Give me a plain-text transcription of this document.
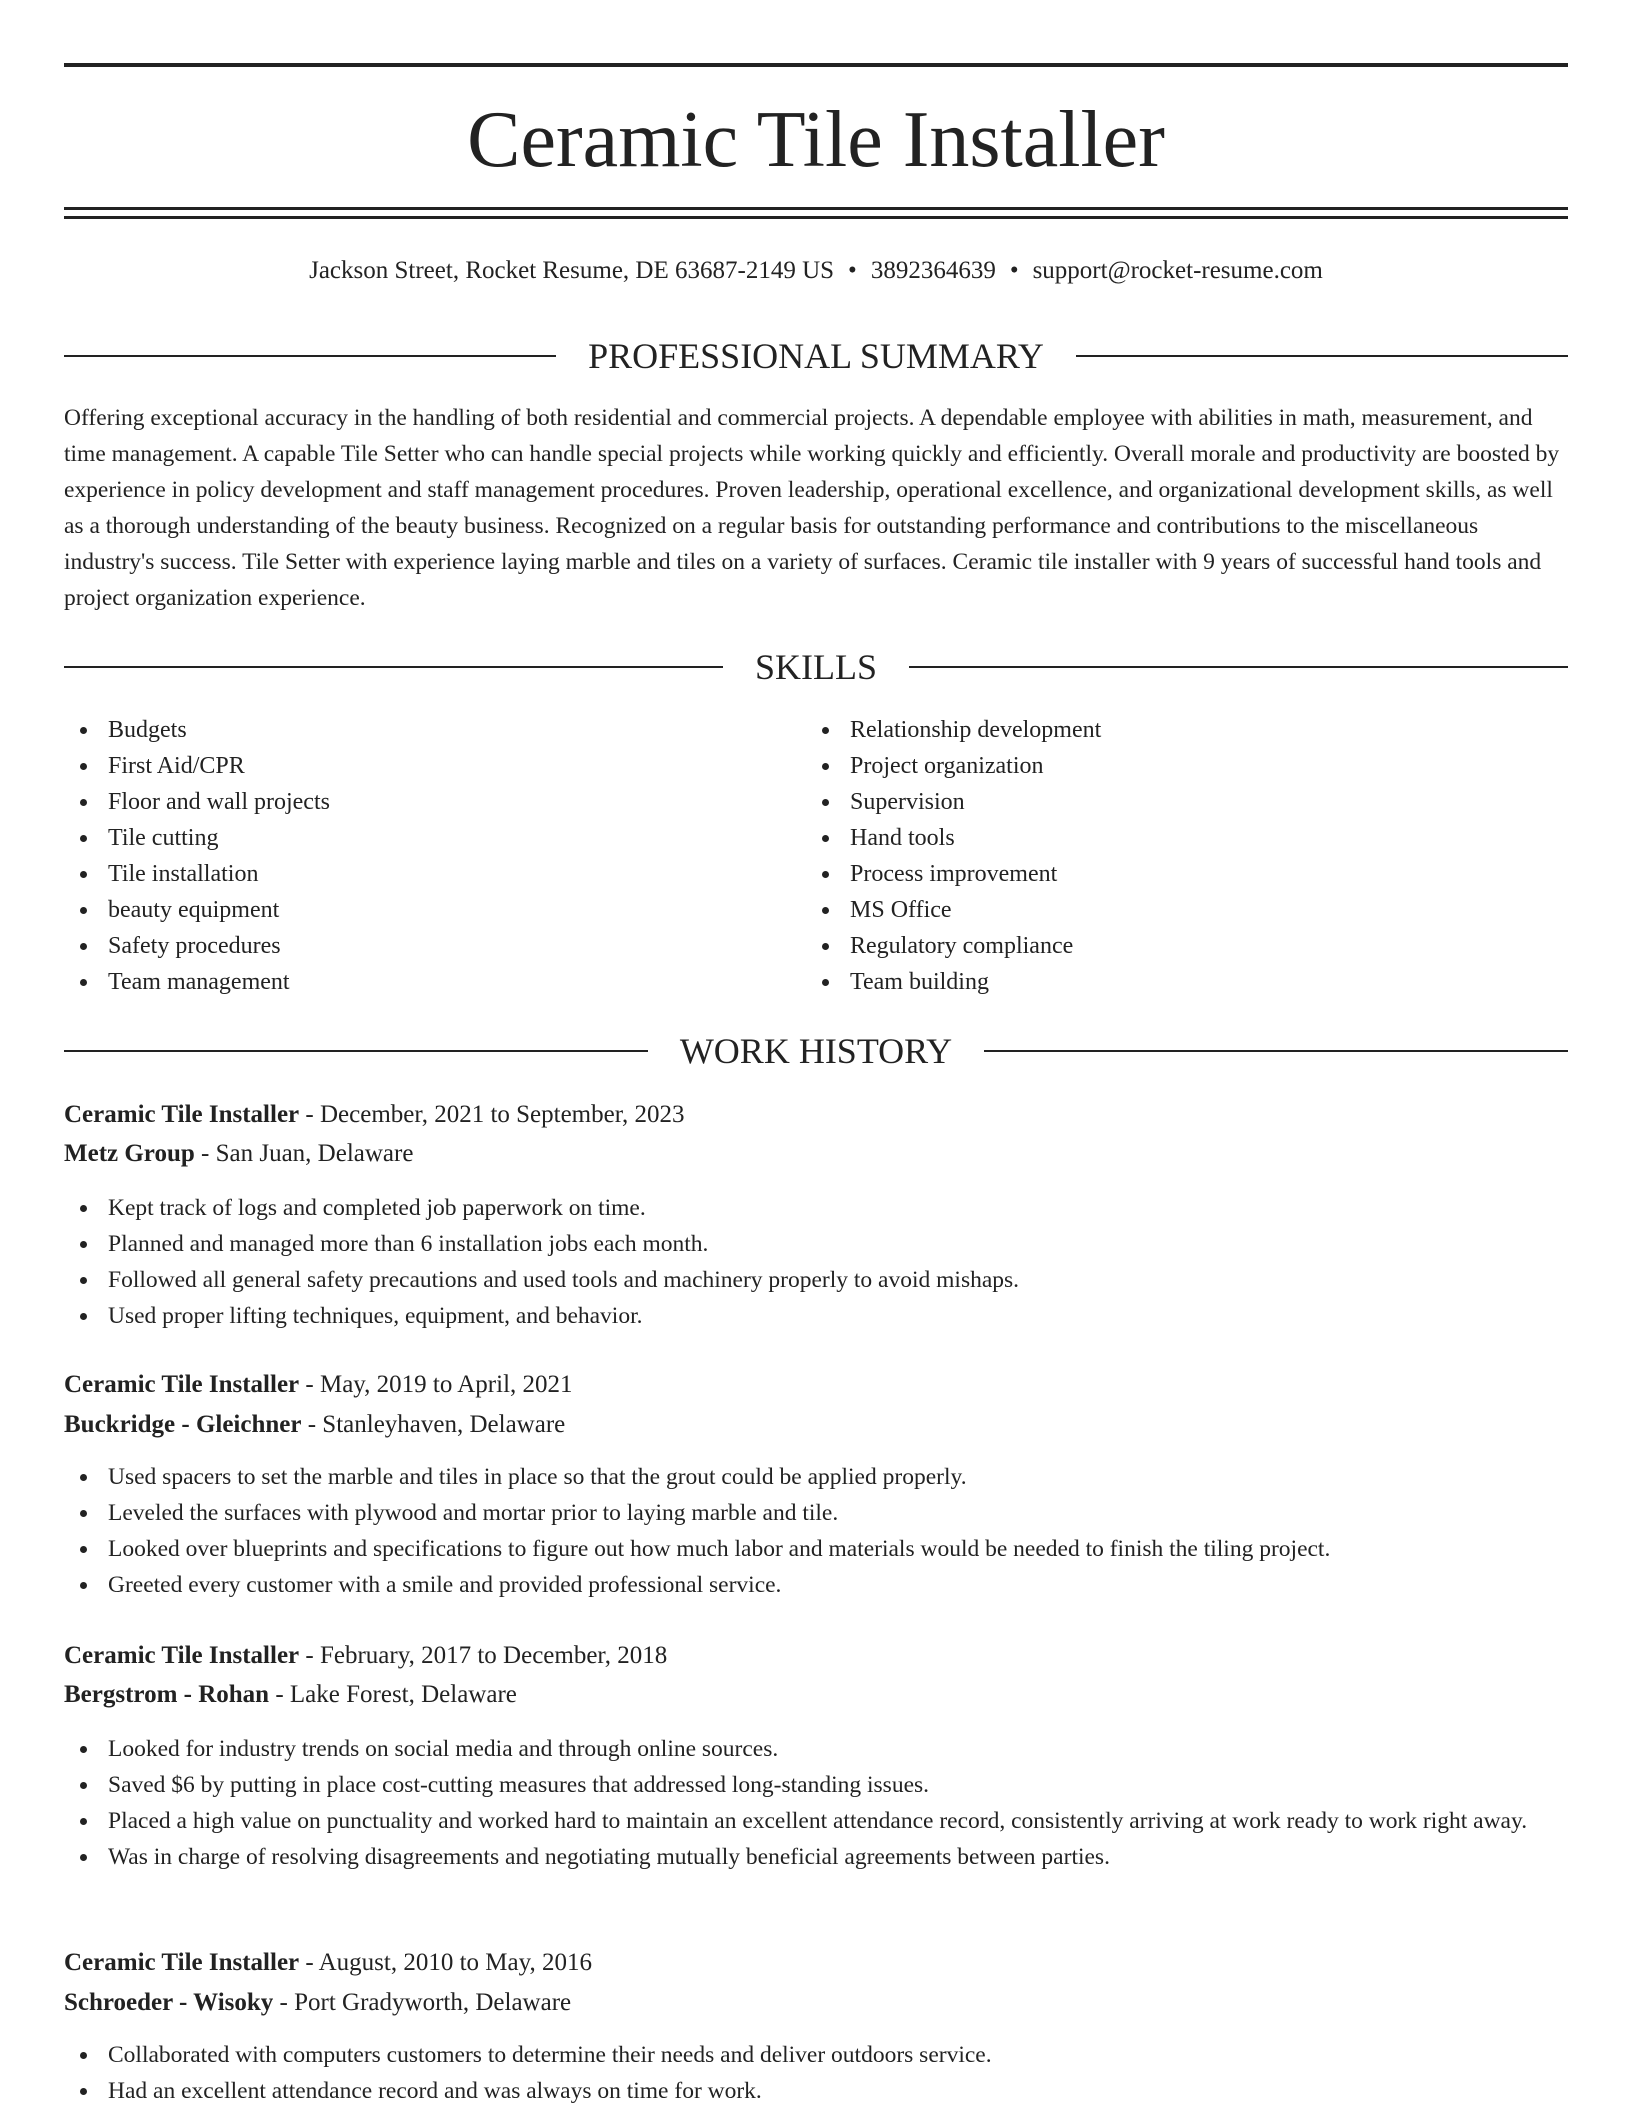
Ceramic Tile Installer
Jackson Street, Rocket Resume, DE 63687-2149 US • 3892364639 • support@rocket-resume.com
PROFESSIONAL SUMMARY

Offering exceptional accuracy in the handling of both residential and commercial projects. A dependable employee with abilities in math, measurement, and time management. A capable Tile Setter who can handle special projects while working quickly and efficiently. Overall morale and productivity are boosted by experience in policy development and staff management procedures. Proven leadership, operational excellence, and organizational development skills, as well as a thorough understanding of the beauty business. Recognized on a regular basis for outstanding performance and contributions to the miscellaneous industry's success. Tile Setter with experience laying marble and tiles on a variety of surfaces. Ceramic tile installer with 9 years of successful hand tools and project organization experience.

SKILLS
Budgets
First Aid/CPR
Floor and wall projects
Tile cutting
Tile installation
beauty equipment
Safety procedures
Team management
Relationship development
Project organization
Supervision
Hand tools
Process improvement
MS Office
Regulatory compliance
Team building
WORK HISTORY
Ceramic Tile Installer - December, 2021 to September, 2023
Metz Group - San Juan, Delaware
Kept track of logs and completed job paperwork on time.
Planned and managed more than 6 installation jobs each month.
Followed all general safety precautions and used tools and machinery properly to avoid mishaps.
Used proper lifting techniques, equipment, and behavior.
Ceramic Tile Installer - May, 2019 to April, 2021
Buckridge - Gleichner - Stanleyhaven, Delaware
Used spacers to set the marble and tiles in place so that the grout could be applied properly.
Leveled the surfaces with plywood and mortar prior to laying marble and tile.
Looked over blueprints and specifications to figure out how much labor and materials would be needed to finish the tiling project.
Greeted every customer with a smile and provided professional service.
Ceramic Tile Installer - February, 2017 to December, 2018
Bergstrom - Rohan - Lake Forest, Delaware
Looked for industry trends on social media and through online sources.
Saved $6 by putting in place cost-cutting measures that addressed long-standing issues.
Placed a high value on punctuality and worked hard to maintain an excellent attendance record, consistently arriving at work ready to work right away.
Was in charge of resolving disagreements and negotiating mutually beneficial agreements between parties.
Ceramic Tile Installer - August, 2010 to May, 2016
Schroeder - Wisoky - Port Gradyworth, Delaware
Collaborated with computers customers to determine their needs and deliver outdoors service.
Had an excellent attendance record and was always on time for work.
